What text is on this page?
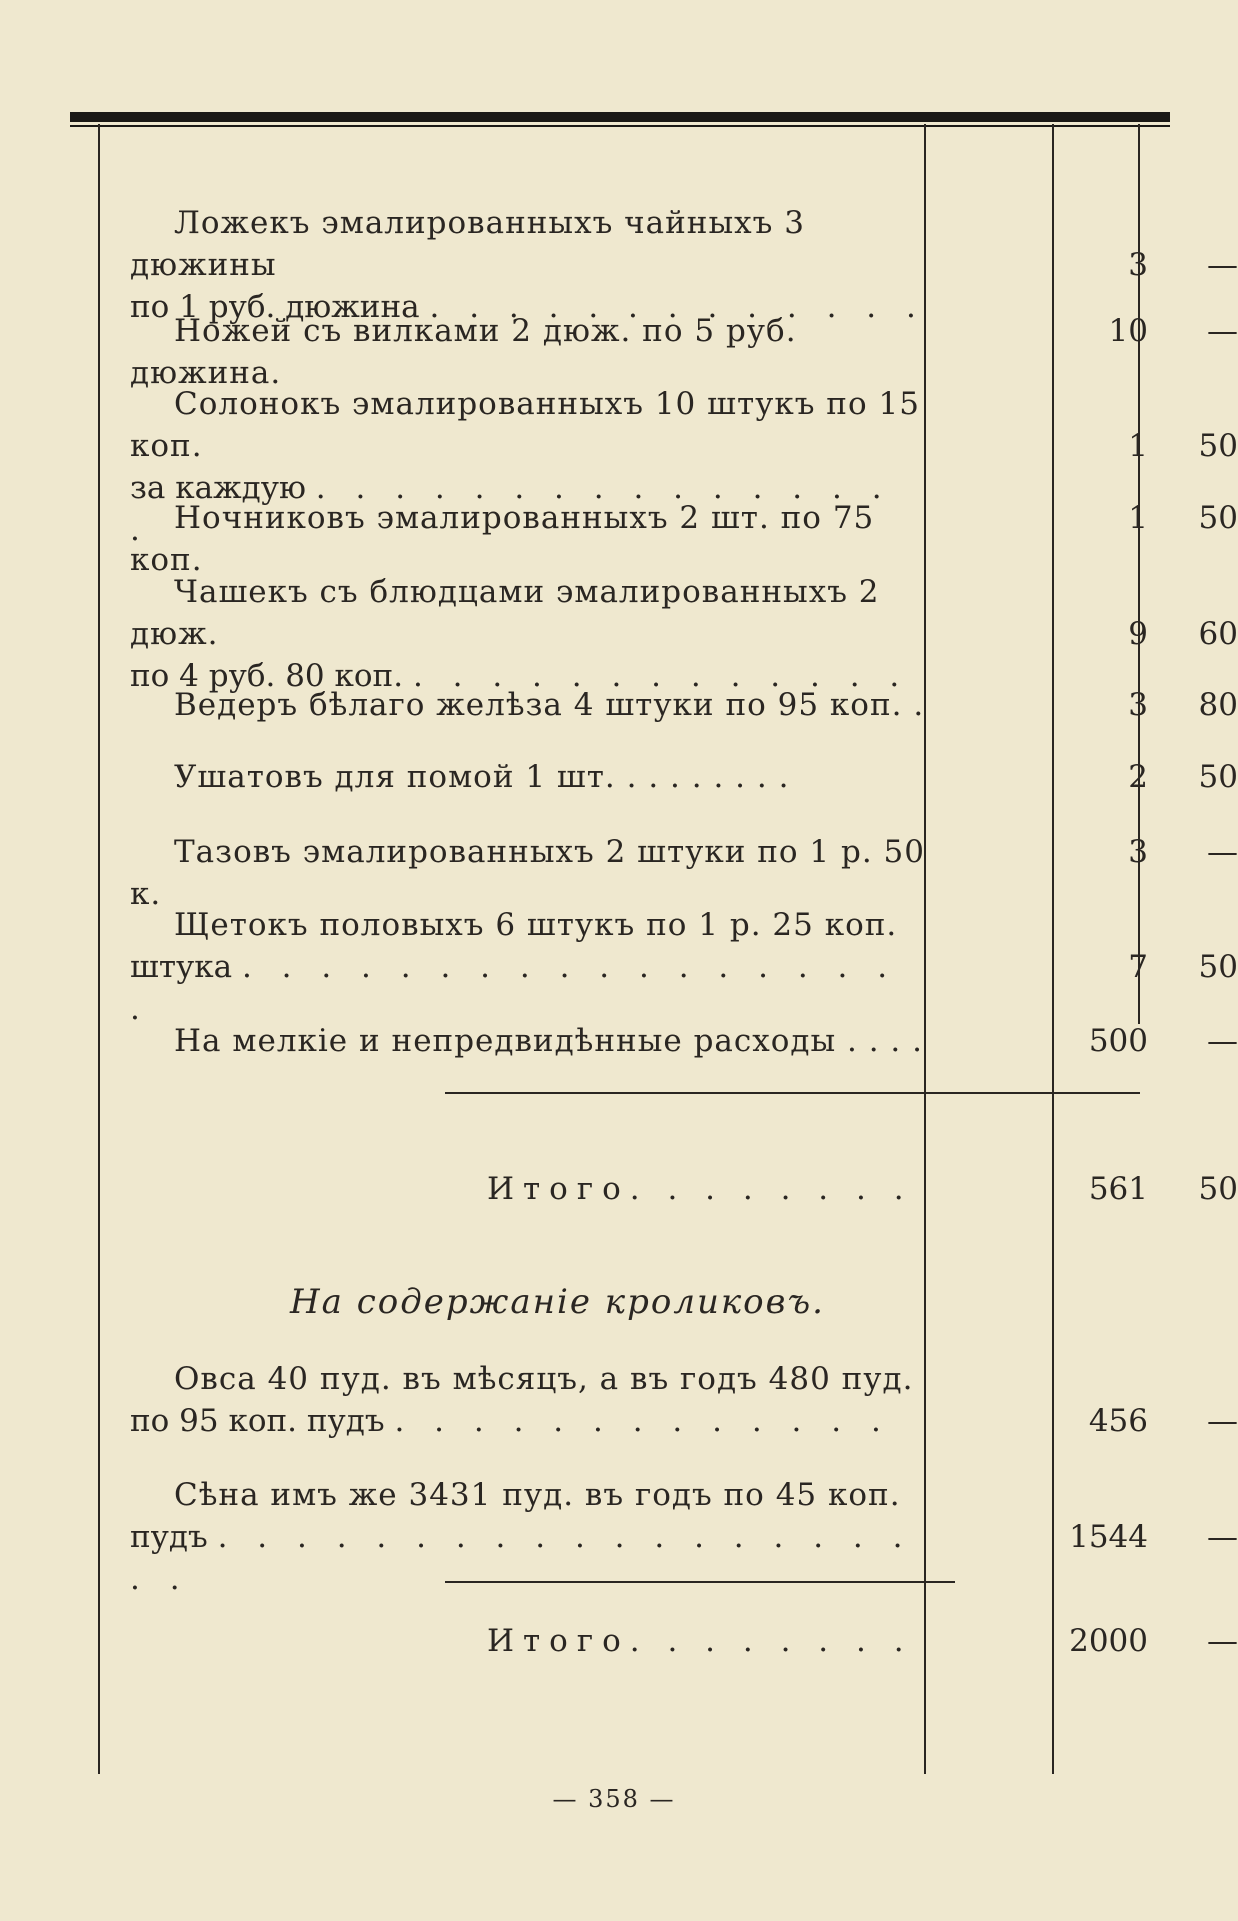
Ложекъ эмалированныхъ чайныхъ 3 дюжины
по 1 руб. дюжина . . . . . . . . . . . . .
3	—
Ножей съ вилками 2 дюж. по 5 руб. дюжина.
10	—
Солонокъ эмалированныхъ 10 штукъ по 15 коп.
за каждую . . . . . . . . . . . . . . . .
1	50
Ночниковъ эмалированныхъ 2 шт. по 75 коп.
1	50
Чашекъ съ блюдцами эмалированныхъ 2 дюж.
по 4 руб. 80 коп. . . . . . . . . . . . . .
9	60
Ведеръ бѣлаго желѣза 4 штуки по 95 коп. .	3	80
Ушатовъ для помой 1 шт. . . . . . . . .	2	50
Тазовъ эмалированныхъ 2 штуки по 1 р. 50 к.
3	—
Щетокъ половыхъ 6 штукъ по 1 р. 25 коп.
штука . . . . . . . . . . . . . . . . . .
7	50
На мелкіе и непредвидѣнные расходы . . . .	500	—
Итого. . . . . . . .	561	50
На содержаніе кроликовъ.
Овса 40 пуд. въ мѣсяцъ, а въ годъ 480 пуд.
по 95 коп. пудъ . . . . . . . . . . . . .	456	—
Сѣна имъ же 3431 пуд. въ годъ по 45 коп.
пудъ . . . . . . . . . . . . . . . . . . . .
1544	—
Итого. . . . . . . .	2000	—
— 358 —
